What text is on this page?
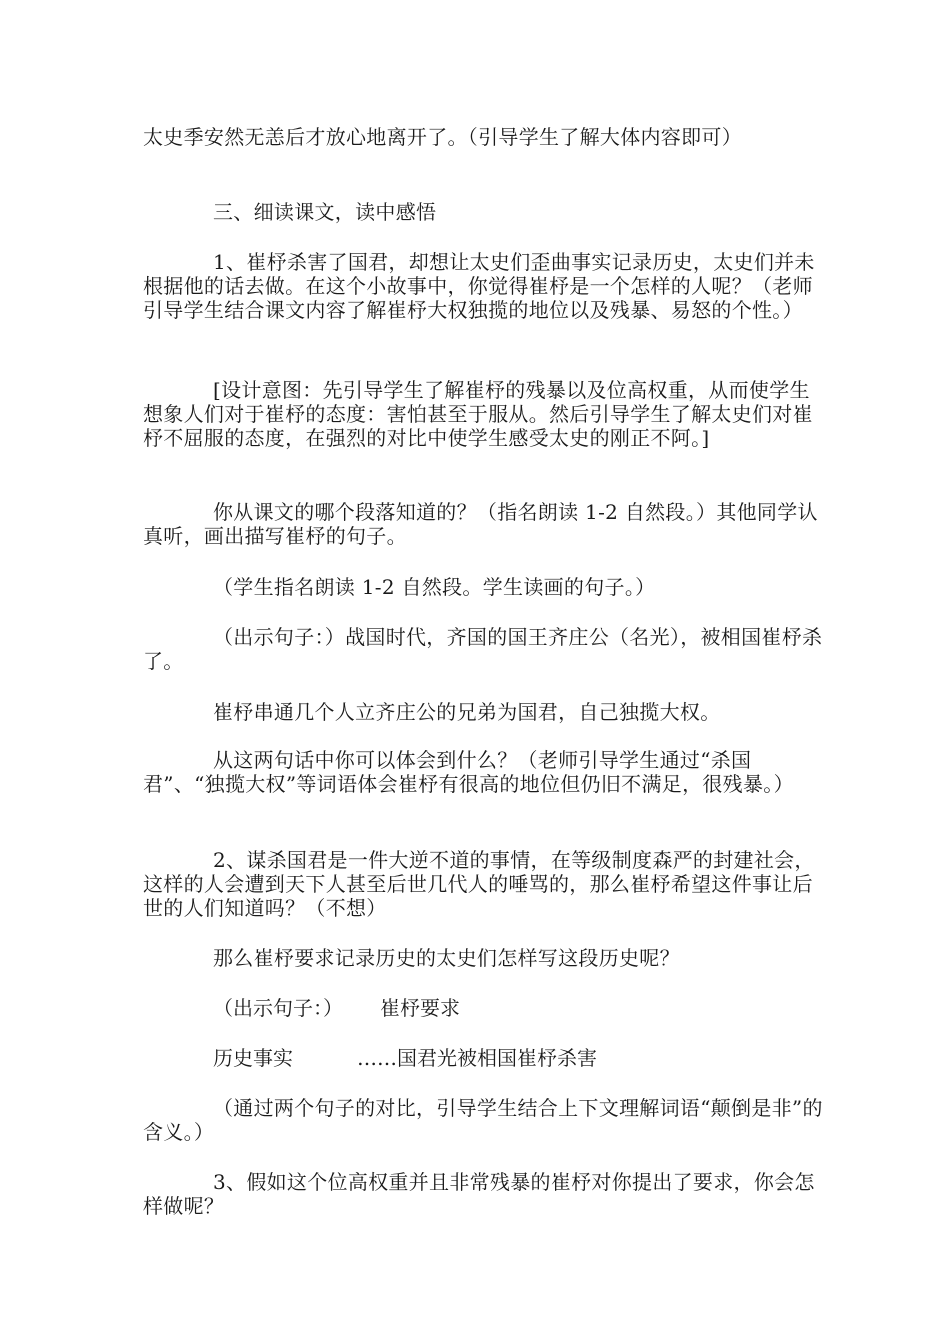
太史季安然无恙后才放心地离开了。（引导学生了解大体内容即可）

三、细读课文，读中感悟

1、崔杼杀害了国君，却想让太史们歪曲事实记录历史，太史们并未根据他的话去做。在这个小故事中，你觉得崔杼是一个怎样的人呢？（老师引导学生结合课文内容了解崔杼大权独揽的地位以及残暴、易怒的个性。）

[设计意图：先引导学生了解崔杼的残暴以及位高权重，从而使学生想象人们对于崔杼的态度：害怕甚至于服从。然后引导学生了解太史们对崔杼不屈服的态度，在强烈的对比中使学生感受太史的刚正不阿。]

你从课文的哪个段落知道的？（指名朗读 1-2 自然段。）其他同学认真听，画出描写崔杼的句子。

（学生指名朗读 1-2 自然段。学生读画的句子。）

（出示句子：）战国时代，齐国的国王齐庄公（名光），被相国崔杼杀了。

崔杼串通几个人立齐庄公的兄弟为国君，自己独揽大权。

从这两句话中你可以体会到什么？（老师引导学生通过“杀国君”、“独揽大权”等词语体会崔杼有很高的地位但仍旧不满足，很残暴。）

2、谋杀国君是一件大逆不道的事情，在等级制度森严的封建社会，这样的人会遭到天下人甚至后世几代人的唾骂的，那么崔杼希望这件事让后世的人们知道吗？（不想）

那么崔杼要求记录历史的太史们怎样写这段历史呢？

（出示句子：） 崔杼要求
历史事实	……国君光被相国崔杼杀害

（通过两个句子的对比，引导学生结合上下文理解词语“颠倒是非”的含义。）

3、假如这个位高权重并且非常残暴的崔杼对你提出了要求，你会怎样做呢？
